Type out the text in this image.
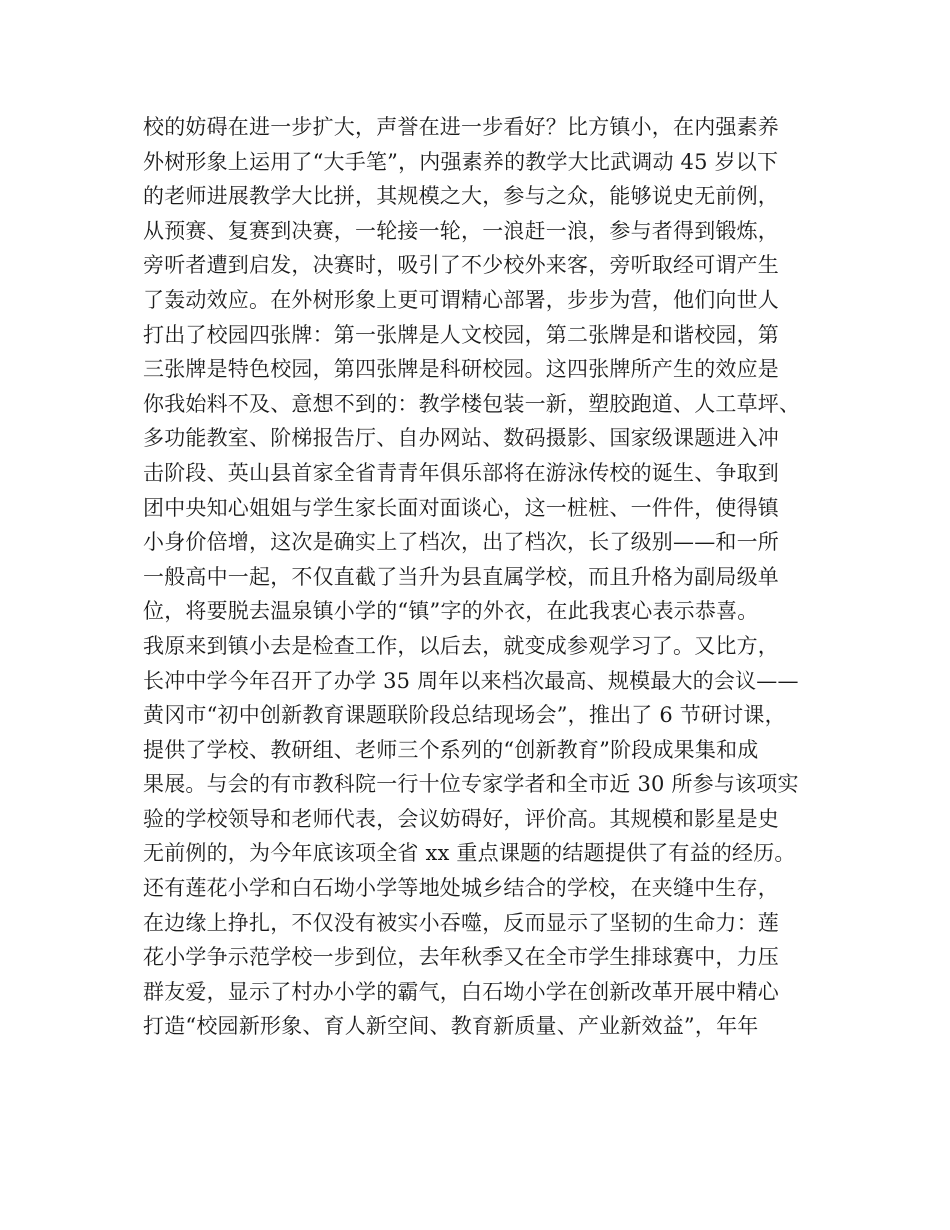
校的妨碍在进一步扩大，声誉在进一步看好？比方镇小，在内强素养
外树形象上运用了“大手笔”，内强素养的教学大比武调动 45 岁以下
的老师进展教学大比拼，其规模之大，参与之众，能够说史无前例，
从预赛、复赛到决赛，一轮接一轮，一浪赶一浪，参与者得到锻炼，
旁听者遭到启发，决赛时，吸引了不少校外来客，旁听取经可谓产生
了轰动效应。在外树形象上更可谓精心部署，步步为营，他们向世人
打出了校园四张牌：第一张牌是人文校园，第二张牌是和谐校园，第
三张牌是特色校园，第四张牌是科研校园。这四张牌所产生的效应是
你我始料不及、意想不到的：教学楼包装一新，塑胶跑道、人工草坪、
多功能教室、阶梯报告厅、自办网站、数码摄影、国家级课题进入冲
击阶段、英山县首家全省青青年俱乐部将在游泳传校的诞生、争取到
团中央知心姐姐与学生家长面对面谈心，这一桩桩、一件件，使得镇
小身价倍增，这次是确实上了档次，出了档次，长了级别——和一所
一般高中一起，不仅直截了当升为县直属学校，而且升格为副局级单
位，将要脱去温泉镇小学的“镇”字的外衣，在此我衷心表示恭喜。
我原来到镇小去是检查工作，以后去，就变成参观学习了。又比方，
长冲中学今年召开了办学 35 周年以来档次最高、规模最大的会议——
黄冈市“初中创新教育课题联阶段总结现场会”，推出了 6 节研讨课，
提供了学校、教研组、老师三个系列的“创新教育”阶段成果集和成
果展。与会的有市教科院一行十位专家学者和全市近 30 所参与该项实
验的学校领导和老师代表，会议妨碍好，评价高。其规模和影星是史
无前例的，为今年底该项全省 xx 重点课题的结题提供了有益的经历。
还有莲花小学和白石坳小学等地处城乡结合的学校，在夹缝中生存，
在边缘上挣扎，不仅没有被实小吞噬，反而显示了坚韧的生命力：莲
花小学争示范学校一步到位，去年秋季又在全市学生排球赛中，力压
群友爱，显示了村办小学的霸气，白石坳小学在创新改革开展中精心
打造“校园新形象、育人新空间、教育新质量、产业新效益”，年年
